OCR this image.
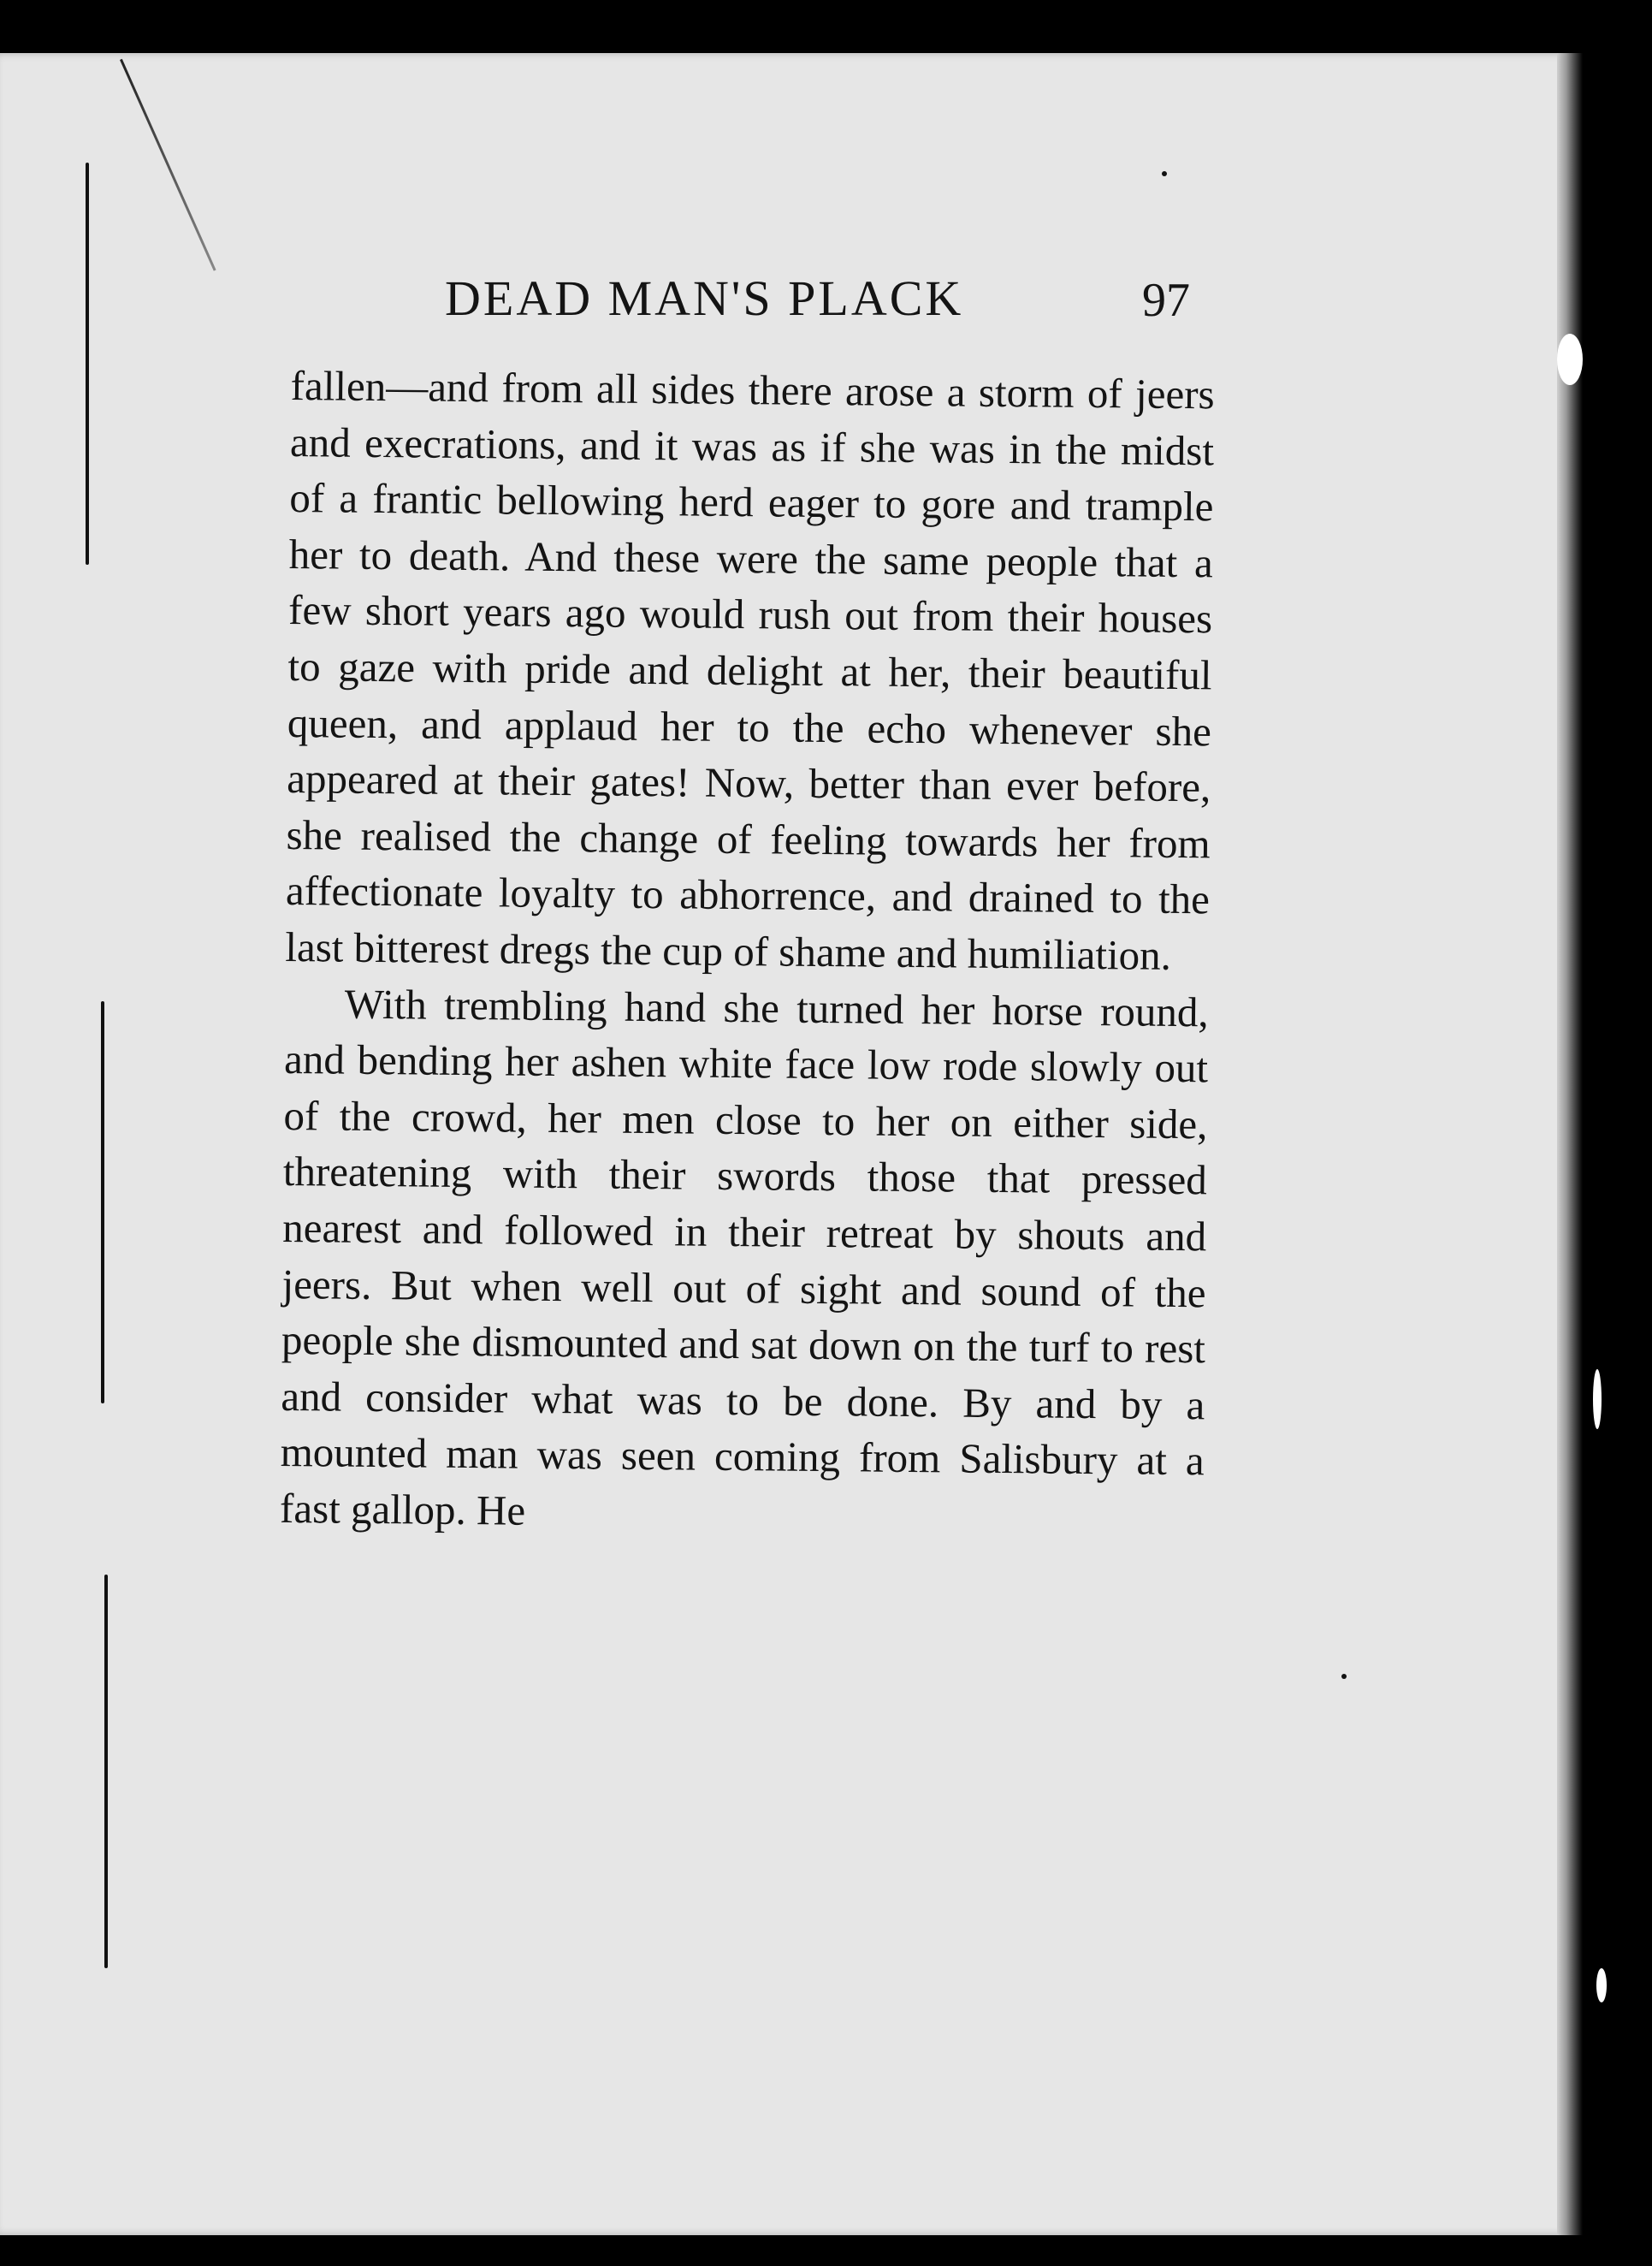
DEAD MAN'S PLACK	97

fallen—and from all sides there arose a storm of jeers and execrations, and it was as if she was in the midst of a frantic bellowing herd eager to gore and trample her to death. And these were the same people that a few short years ago would rush out from their houses to gaze with pride and delight at her, their beautiful queen, and applaud her to the echo whenever she appeared at their gates! Now, better than ever before, she realised the change of feeling towards her from affectionate loyalty to abhorrence, and drained to the last bitterest dregs the cup of shame and humiliation.

With trembling hand she turned her horse round, and bending her ashen white face low rode slowly out of the crowd, her men close to her on either side, threatening with their swords those that pressed nearest and followed in their retreat by shouts and jeers. But when well out of sight and sound of the people she dismounted and sat down on the turf to rest and consider what was to be done. By and by a mounted man was seen coming from Salisbury at a fast gallop. He
